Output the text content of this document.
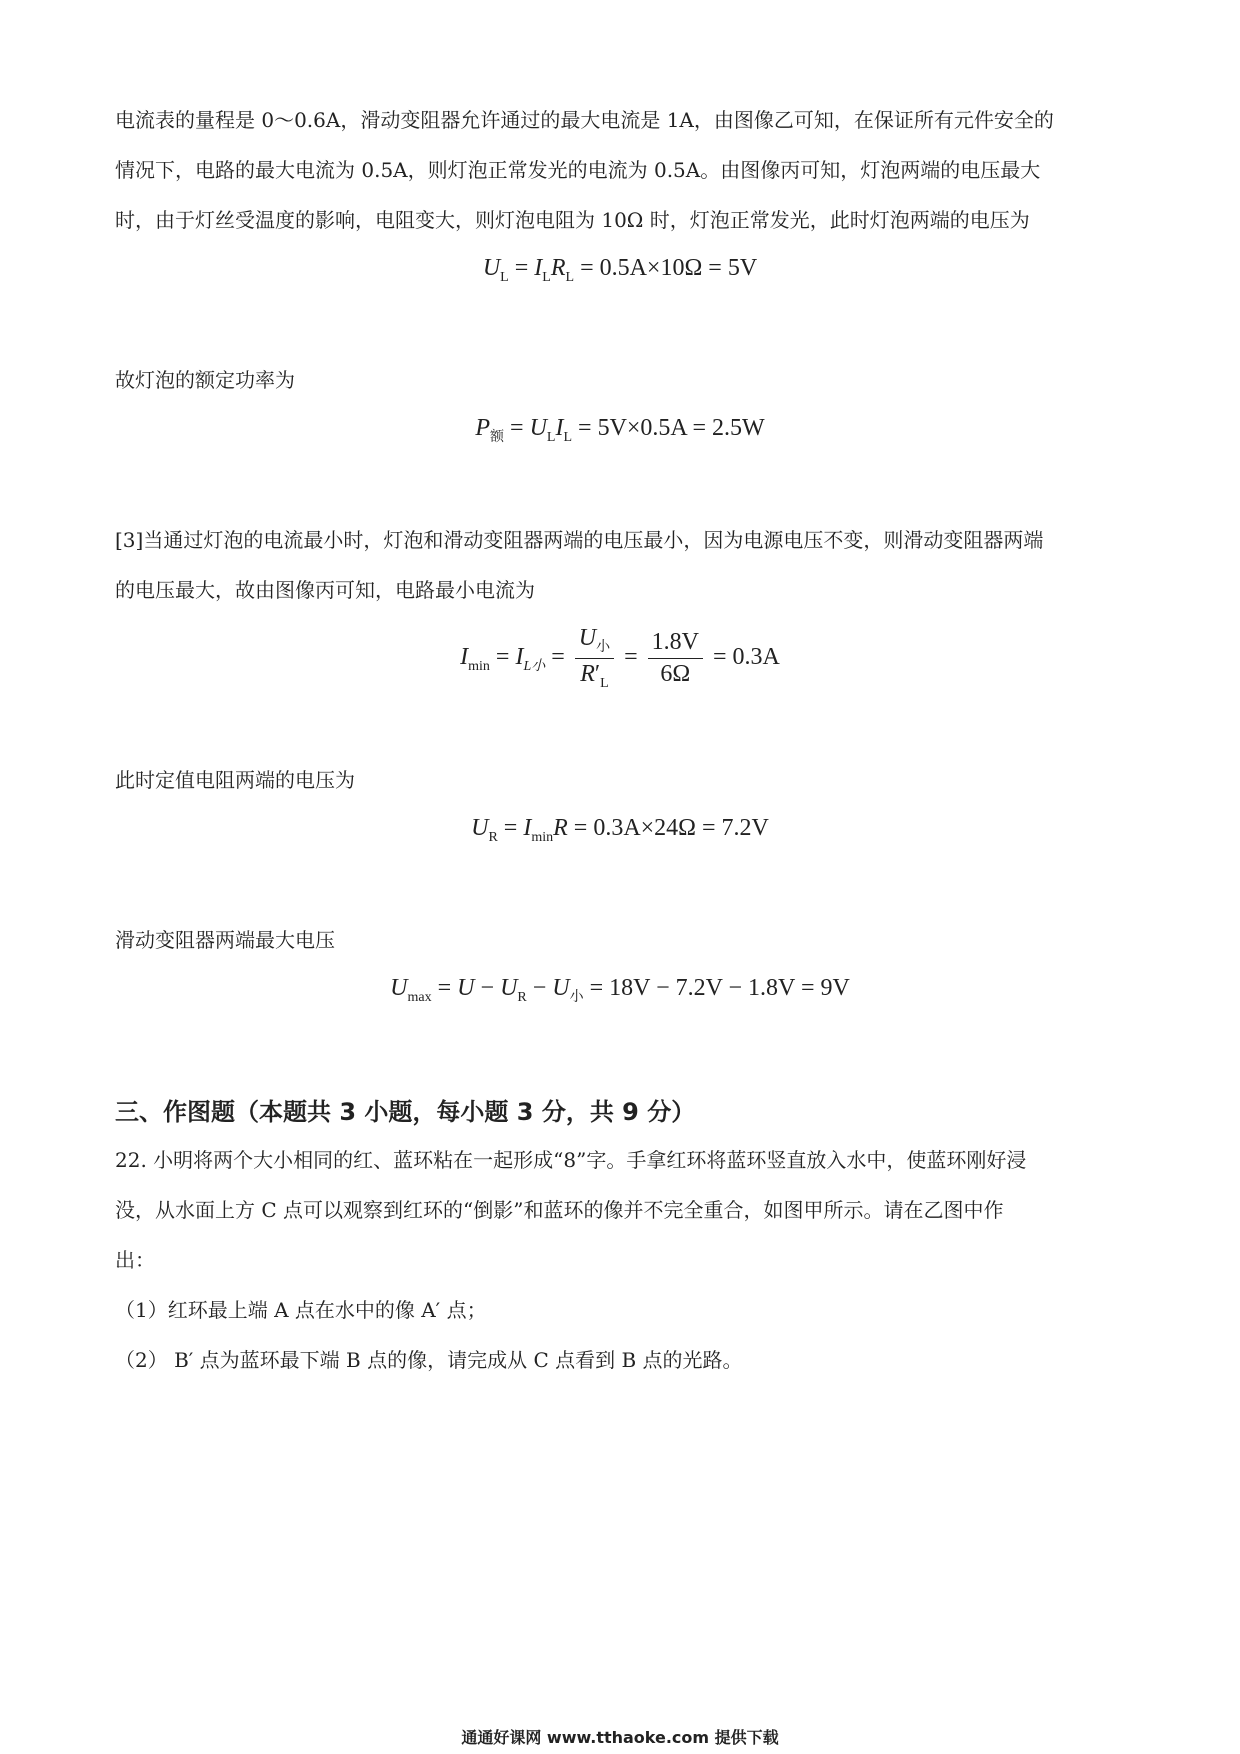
电流表的量程是 0～0.6A，滑动变阻器允许通过的最大电流是 1A，由图像乙可知，在保证所有元件安全的
情况下，电路的最大电流为 0.5A，则灯泡正常发光的电流为 0.5A。由图像丙可知，灯泡两端的电压最大
时，由于灯丝受温度的影响，电阻变大，则灯泡电阻为 10Ω 时，灯泡正常发光，此时灯泡两端的电压为
$U_L = I_LR_L = 0.5A\times 10\Omega = 5V$
故灯泡的额定功率为
$P_额 = U_LI_L = 5V\times 0.5A = 2.5W$
[3]当通过灯泡的电流最小时，灯泡和滑动变阻器两端的电压最小，因为电源电压不变，则滑动变阻器两端
的电压最大，故由图像丙可知，电路最小电流为
$I_{min} = I_{L小} = \frac{U_小}{R'_L} = \frac{1.8V}{6\Omega} = 0.3A$
此时定值电阻两端的电压为
$U_R = I_{min}R = 0.3A\times 24\Omega = 7.2V$
滑动变阻器两端最大电压
$U_{max} = U - U_R - U_小 = 18V - 7.2V - 1.8V = 9V$
三、作图题（本题共 3 小题，每小题 3 分，共 9 分）
22. 小明将两个大小相同的红、蓝环粘在一起形成“8”字。手拿红环将蓝环竖直放入水中，使蓝环刚好浸
没，从水面上方 C 点可以观察到红环的“倒影”和蓝环的像并不完全重合，如图甲所示。请在乙图中作
出：
（1）红环最上端 A 点在水中的像 A′ 点；
（2） B′ 点为蓝环最下端 B 点的像，请完成从 C 点看到 B 点的光路。
通通好课网 www.tthaoke.com 提供下载
